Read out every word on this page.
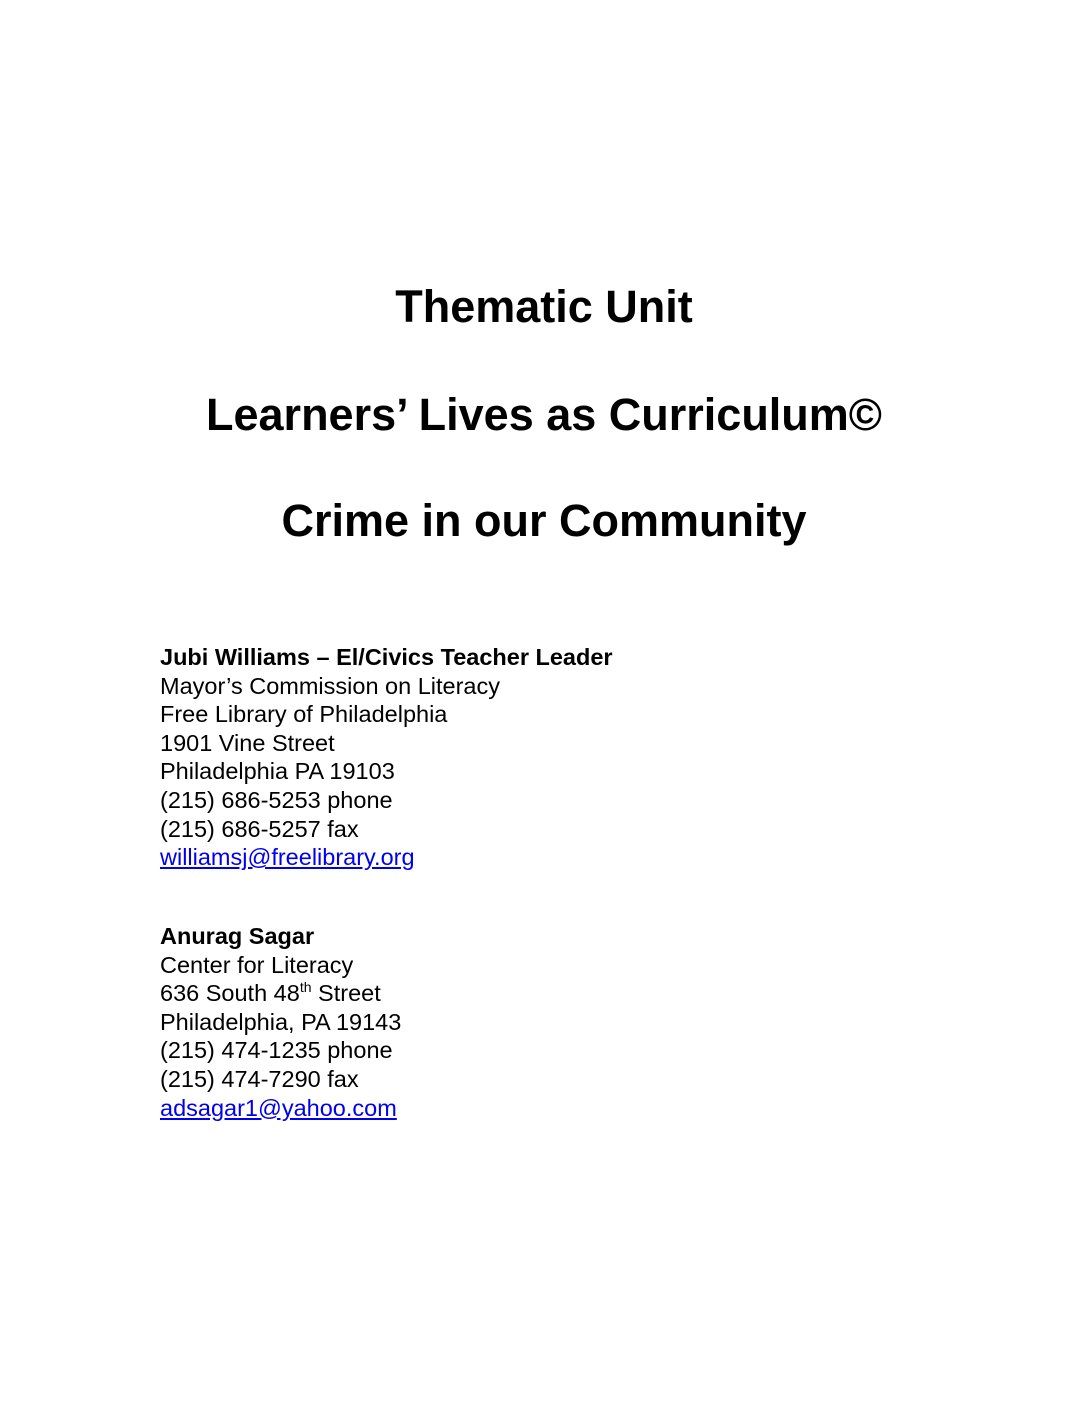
Thematic Unit
Learners’ Lives as Curriculum©
Crime in our Community
Jubi Williams – El/Civics Teacher Leader
Mayor’s Commission on Literacy
Free Library of Philadelphia
1901 Vine Street
Philadelphia PA 19103
(215) 686-5253 phone
(215) 686-5257 fax
williamsj@freelibrary.org
Anurag Sagar
Center for Literacy
636 South 48th Street
Philadelphia, PA 19143
(215) 474-1235 phone
(215) 474-7290 fax
adsagar1@yahoo.com
